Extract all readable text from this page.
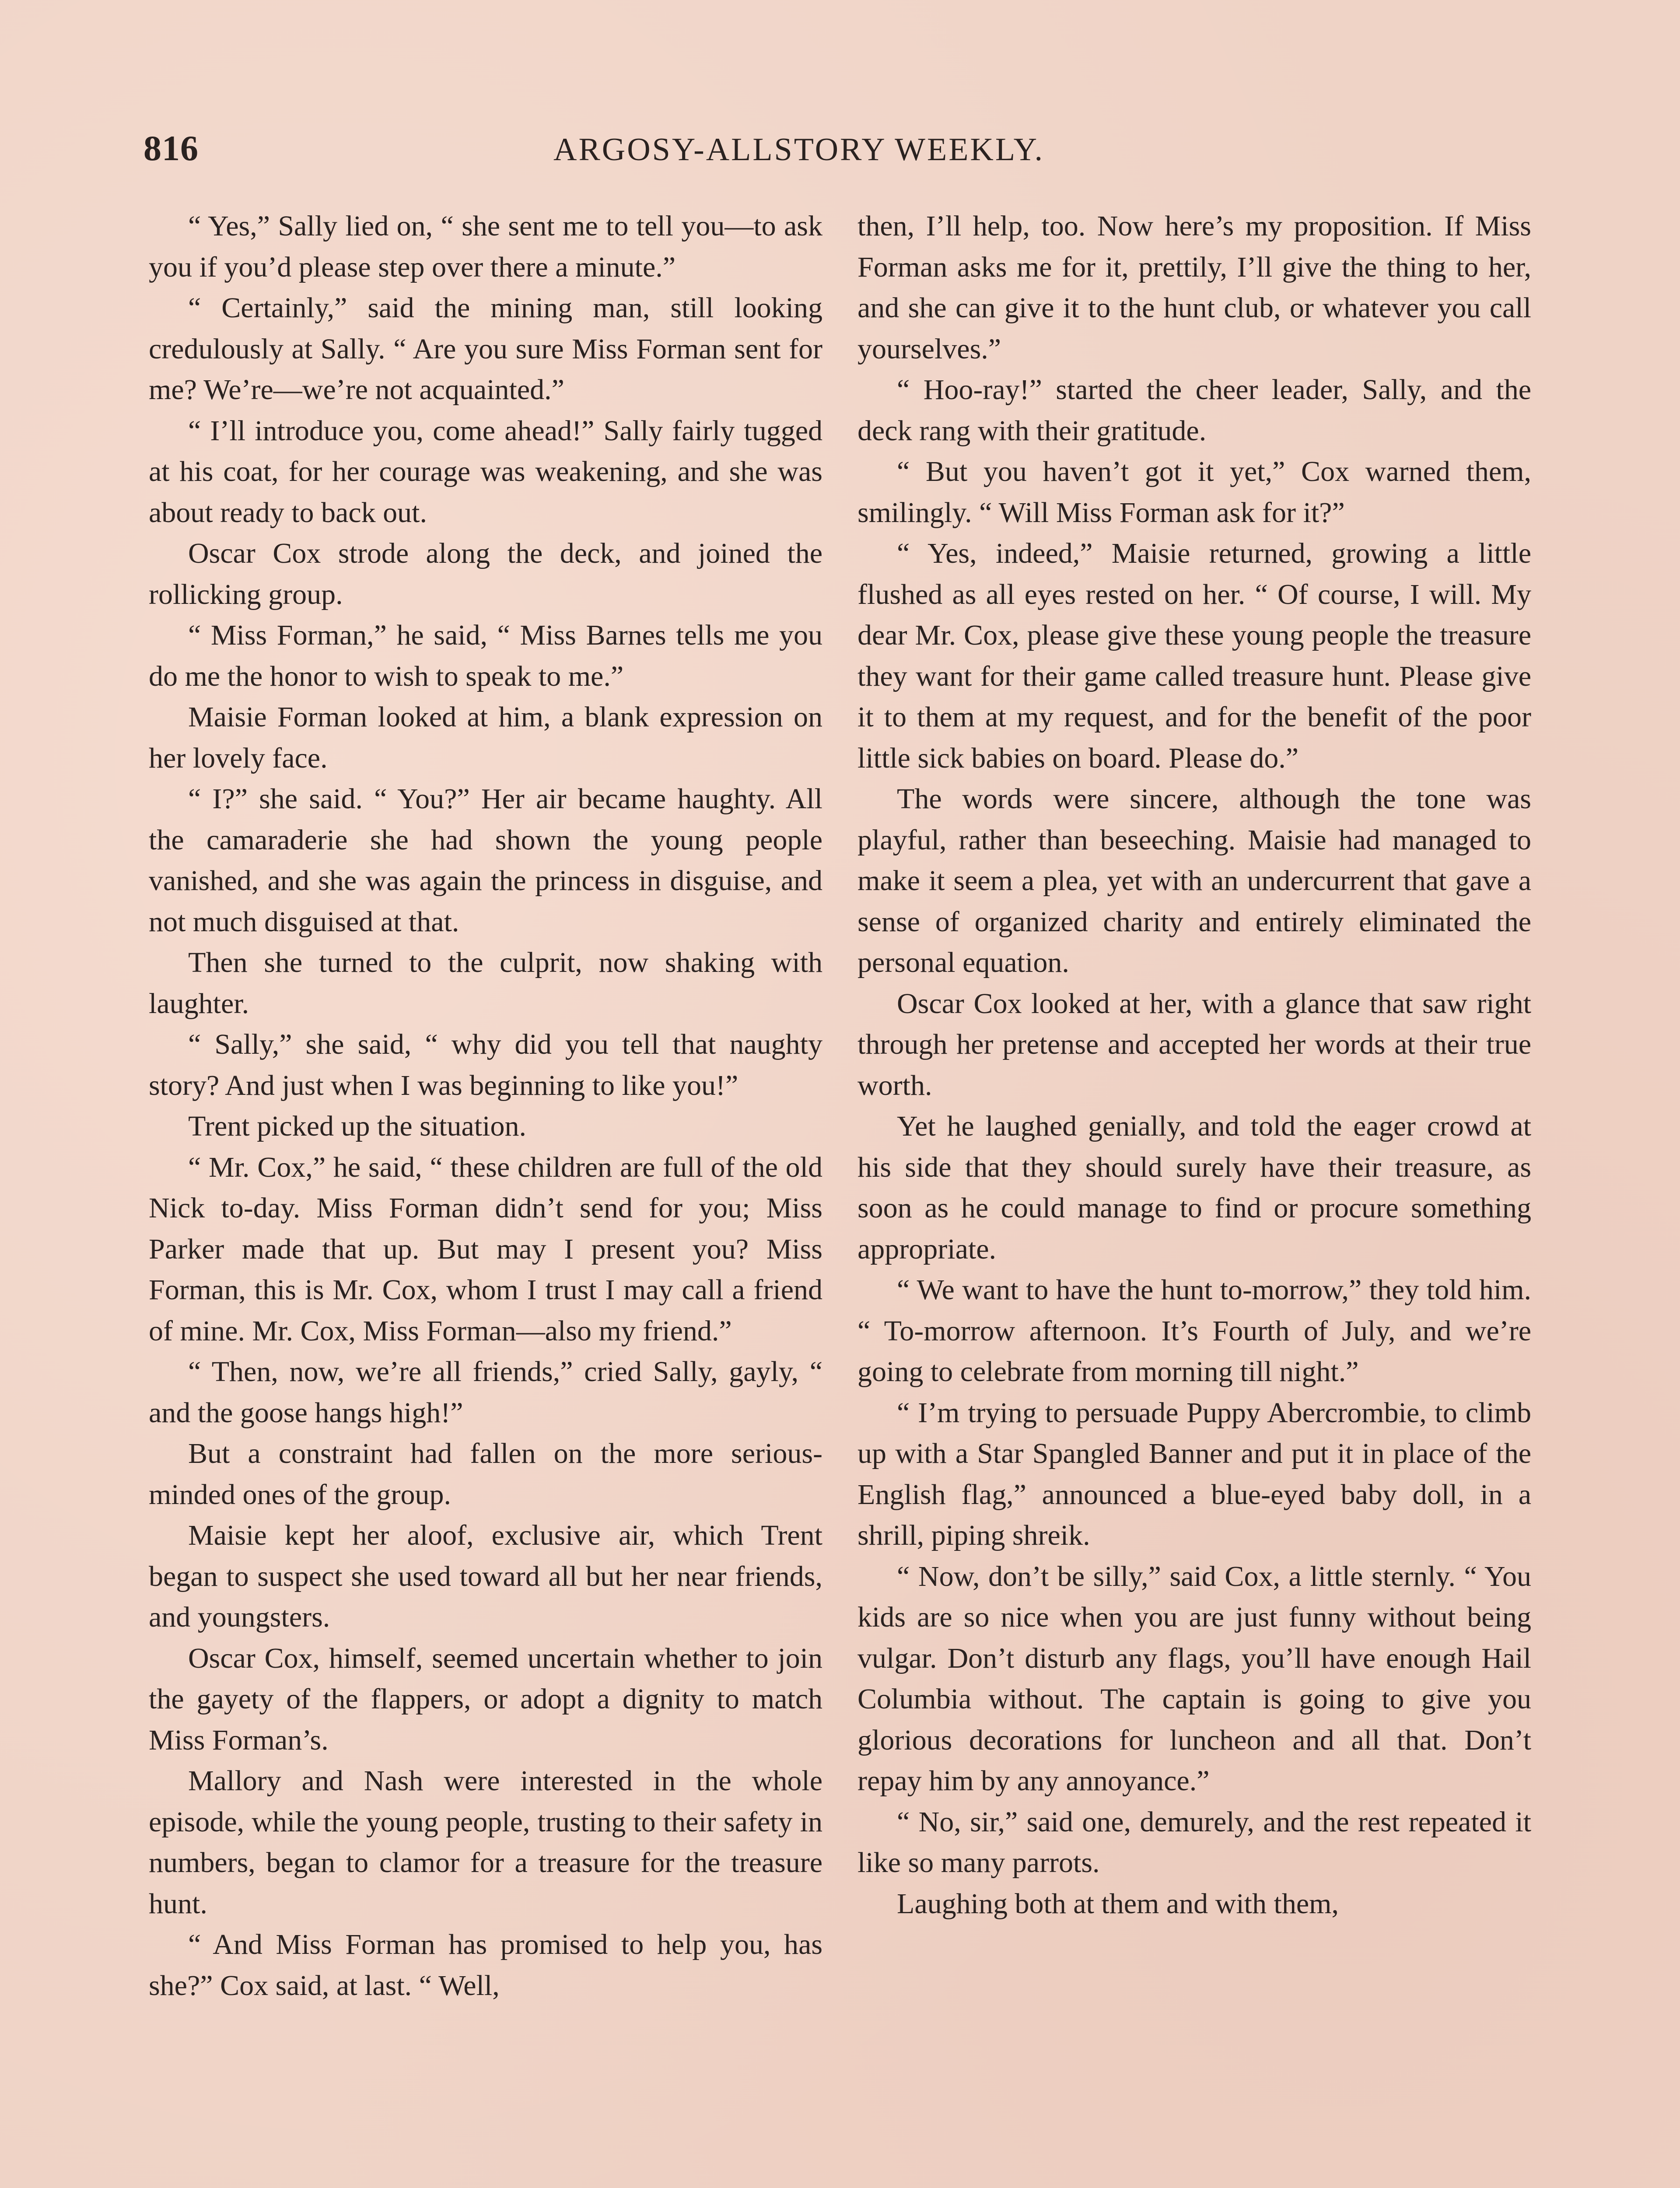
816	ARGOSY-ALLSTORY WEEKLY.

“ Yes,” Sally lied on, “ she sent me to tell you—to ask you if you’d please step over there a minute.”

“ Certainly,” said the mining man, still looking credulously at Sally. “ Are you sure Miss Forman sent for me? We’re—we’re not acquainted.”

“ I’ll introduce you, come ahead!” Sally fairly tugged at his coat, for her courage was weakening, and she was about ready to back out.

Oscar Cox strode along the deck, and joined the rollicking group.

“ Miss Forman,” he said, “ Miss Barnes tells me you do me the honor to wish to speak to me.”

Maisie Forman looked at him, a blank expression on her lovely face.

“ I?” she said. “ You?” Her air became haughty. All the camaraderie she had shown the young people vanished, and she was again the princess in disguise, and not much disguised at that.

Then she turned to the culprit, now shaking with laughter.

“ Sally,” she said, “ why did you tell that naughty story? And just when I was beginning to like you!”

Trent picked up the situation.

“ Mr. Cox,” he said, “ these children are full of the old Nick to-day. Miss Forman didn’t send for you; Miss Parker made that up. But may I present you? Miss Forman, this is Mr. Cox, whom I trust I may call a friend of mine. Mr. Cox, Miss Forman—also my friend.”

“ Then, now, we’re all friends,” cried Sally, gayly, “ and the goose hangs high!”

But a constraint had fallen on the more serious-minded ones of the group.

Maisie kept her aloof, exclusive air, which Trent began to suspect she used toward all but her near friends, and youngsters.

Oscar Cox, himself, seemed uncertain whether to join the gayety of the flappers, or adopt a dignity to match Miss Forman’s.

Mallory and Nash were interested in the whole episode, while the young people, trusting to their safety in numbers, began to clamor for a treasure for the treasure hunt.

“ And Miss Forman has promised to help you, has she?” Cox said, at last. “ Well,

then, I’ll help, too. Now here’s my proposition. If Miss Forman asks me for it, prettily, I’ll give the thing to her, and she can give it to the hunt club, or whatever you call yourselves.”

“ Hoo-ray!” started the cheer leader, Sally, and the deck rang with their gratitude.

“ But you haven’t got it yet,” Cox warned them, smilingly. “ Will Miss Forman ask for it?”

“ Yes, indeed,” Maisie returned, growing a little flushed as all eyes rested on her. “ Of course, I will. My dear Mr. Cox, please give these young people the treasure they want for their game called treasure hunt. Please give it to them at my request, and for the benefit of the poor little sick babies on board. Please do.”

The words were sincere, although the tone was playful, rather than beseeching. Maisie had managed to make it seem a plea, yet with an undercurrent that gave a sense of organized charity and entirely eliminated the personal equation.

Oscar Cox looked at her, with a glance that saw right through her pretense and accepted her words at their true worth.

Yet he laughed genially, and told the eager crowd at his side that they should surely have their treasure, as soon as he could manage to find or procure something appropriate.

“ We want to have the hunt to-morrow,” they told him. “ To-morrow afternoon. It’s Fourth of July, and we’re going to celebrate from morning till night.”

“ I’m trying to persuade Puppy Abercrombie, to climb up with a Star Spangled Banner and put it in place of the English flag,” announced a blue-eyed baby doll, in a shrill, piping shreik.

“ Now, don’t be silly,” said Cox, a little sternly. “ You kids are so nice when you are just funny without being vulgar. Don’t disturb any flags, you’ll have enough Hail Columbia without. The captain is going to give you glorious decorations for luncheon and all that. Don’t repay him by any annoyance.”

“ No, sir,” said one, demurely, and the rest repeated it like so many parrots.

Laughing both at them and with them,
